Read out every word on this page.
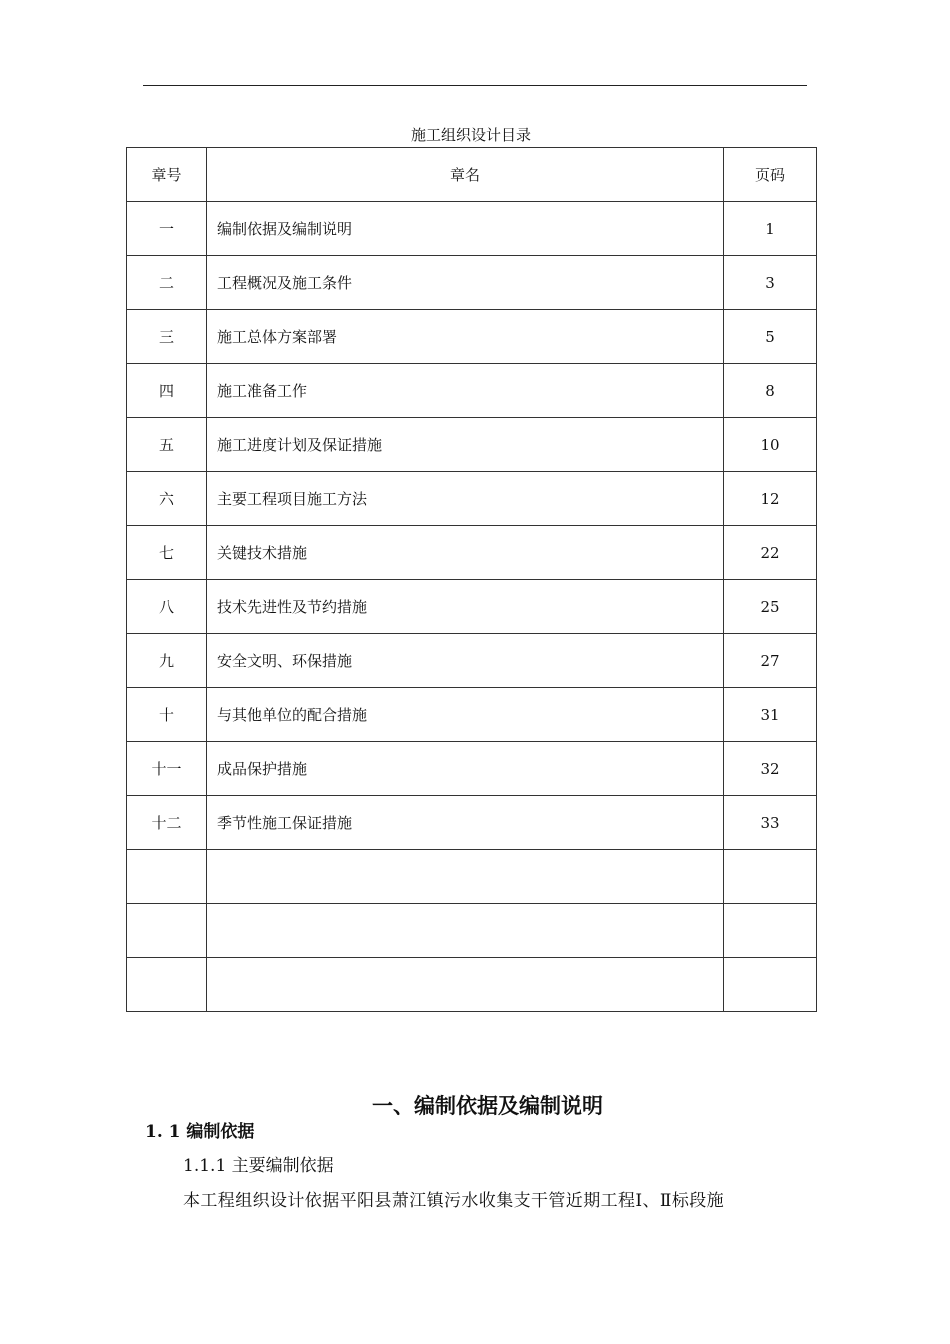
施工组织设计目录
章号	章名	页码
一	编制依据及编制说明	1
二	工程概况及施工条件	3
三	施工总体方案部署	5
四	施工准备工作	8
五	施工进度计划及保证措施	10
六	主要工程项目施工方法	12
七	关键技术措施	22
八	技术先进性及节约措施	25
九	安全文明、环保措施	27
十	与其他单位的配合措施	31
十一	成品保护措施	32
十二	季节性施工保证措施	33

一、编制依据及编制说明
1. 1 编制依据
1.1.1 主要编制依据
本工程组织设计依据平阳县萧江镇污水收集支干管近期工程Ⅰ、Ⅱ标段施
